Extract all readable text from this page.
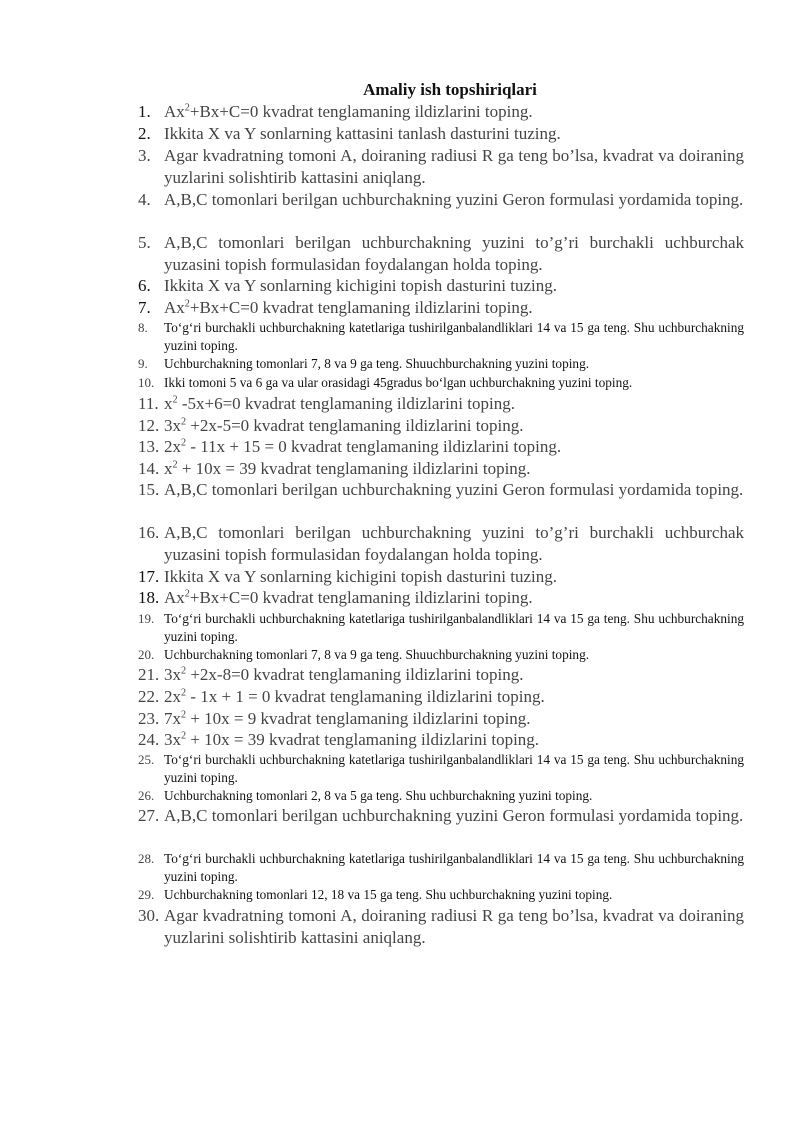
Amaliy ish topshiriqlari
1. $Ax^2+Bx+C=0$ kvadrat tenglamaning ildizlarini toping.
2. Ikkita X va Y sonlarning kattasini tanlash dasturini tuzing.
3. Agar kvadratning tomoni A, doiraning radiusi R ga teng bo’lsa, kvadrat va doiraning yuzlarini solishtirib kattasini aniqlang.
4. A,B,C tomonlari berilgan uchburchakning yuzini Geron formulasi yordamida toping.
5. A,B,C tomonlari berilgan uchburchakning yuzini to’g’ri burchakli uchburchak yuzasini topish formulasidan foydalangan holda toping.
6. Ikkita X va Y sonlarning kichigini topish dasturini tuzing.
7. $Ax^2+Bx+C=0$ kvadrat tenglamaning ildizlarini toping.
8.	To‘g‘ri burchakli uchburchakning katetlariga tushirilganbalandliklari 14 va 15 ga teng. Shu uchburchakning yuzini toping.
9.	Uchburchakning tomonlari 7, 8 va 9 ga teng. Shuuchburchakning yuzini toping.
10. Ikki tomoni 5 va 6 ga va ular orasidagi 45gradus bo‘lgan uchburchakning yuzini toping.
11. $x^2$ -5x+6=0 kvadrat tenglamaning ildizlarini toping.
12. $3x^2 +2x-5=0$ kvadrat tenglamaning ildizlarini toping.
13. $2x^2 - 11x + 15 = 0$ kvadrat tenglamaning ildizlarini toping.
14. $x^2 + 10x = 39$ kvadrat tenglamaning ildizlarini toping.
15. A,B,C tomonlari berilgan uchburchakning yuzini Geron formulasi yordamida toping.
16. A,B,C tomonlari berilgan uchburchakning yuzini to’g’ri burchakli uchburchak yuzasini topish formulasidan foydalangan holda toping.
17. Ikkita X va Y sonlarning kichigini topish dasturini tuzing.
18. $Ax^2+Bx+C=0$ kvadrat tenglamaning ildizlarini toping.
19. To‘g‘ri burchakli uchburchakning katetlariga tushirilganbalandliklari 14 va 15 ga teng. Shu uchburchakning yuzini toping.
20. Uchburchakning tomonlari 7, 8 va 9 ga teng. Shuuchburchakning yuzini toping.
21. $3x^2 +2x-8=0$ kvadrat tenglamaning ildizlarini toping.
22. $2x^2 - 1x + 1 = 0$ kvadrat tenglamaning ildizlarini toping.
23. $7x^2 + 10x = 9$ kvadrat tenglamaning ildizlarini toping.
24. $3x^2 + 10x = 39$ kvadrat tenglamaning ildizlarini toping.
25. To‘g‘ri burchakli uchburchakning katetlariga tushirilganbalandliklari 14 va 15 ga teng. Shu uchburchakning yuzini toping.
26. Uchburchakning tomonlari 2, 8 va 5 ga teng. Shu uchburchakning yuzini toping.
27. A,B,C tomonlari berilgan uchburchakning yuzini Geron formulasi yordamida toping.
28. To‘g‘ri burchakli uchburchakning katetlariga tushirilganbalandliklari 14 va 15 ga teng. Shu uchburchakning yuzini toping.
29. Uchburchakning tomonlari 12, 18 va 15 ga teng. Shu uchburchakning yuzini toping.
30. Agar kvadratning tomoni A, doiraning radiusi R ga teng bo’lsa, kvadrat va doiraning yuzlarini solishtirib kattasini aniqlang.
